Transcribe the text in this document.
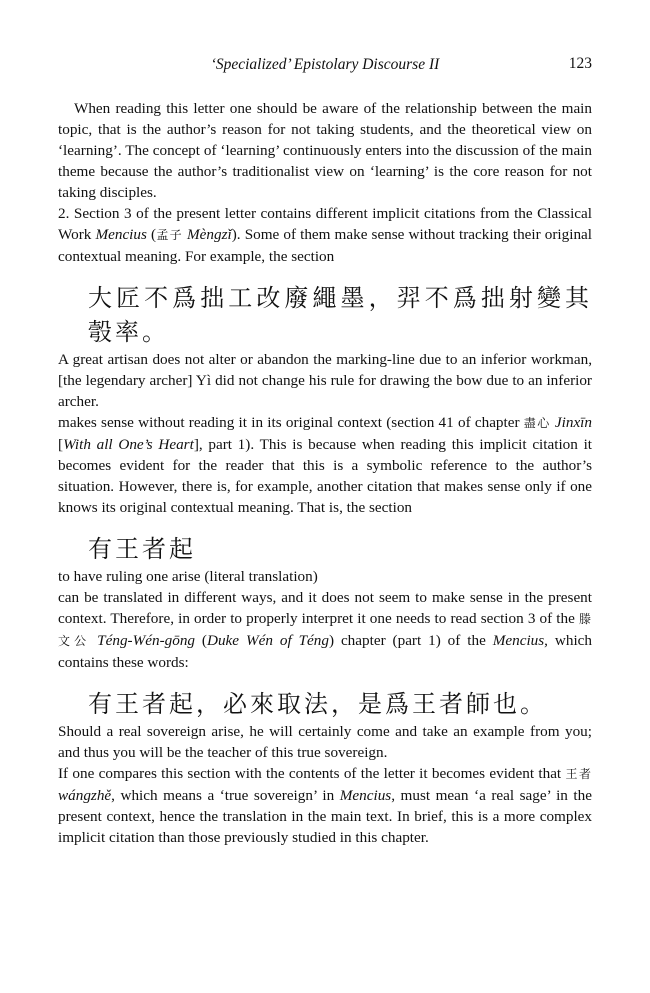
‘Specialized’ Epistolary Discourse II	123

When reading this letter one should be aware of the relationship between the main topic, that is the author’s reason for not taking students, and the theoretical view on ‘learning’. The concept of ‘learning’ continuously enters into the discussion of the main theme because the author’s traditionalist view on ‘learning’ is the core reason for not taking disciples.

2. Section 3 of the present letter contains different implicit citations from the Classical Work Mencius (孟子 Mèngzǐ). Some of them make sense without tracking their original contextual meaning. For example, the section

大匠不爲拙工改廢繩墨，羿不爲拙射變其彀率。

A great artisan does not alter or abandon the marking-line due to an inferior workman, [the legendary archer] Yì did not change his rule for drawing the bow due to an inferior archer.

makes sense without reading it in its original context (section 41 of chapter 盡心 Jinxīn [With all One’s Heart], part 1). This is because when reading this implicit citation it becomes evident for the reader that this is a symbolic reference to the author’s situation. However, there is, for example, another citation that makes sense only if one knows its original contextual meaning. That is, the section

有王者起

to have ruling one arise (literal translation)

can be translated in different ways, and it does not seem to make sense in the present context. Therefore, in order to properly interpret it one needs to read section 3 of the 滕文公 Téng-Wén-gōng (Duke Wén of Téng) chapter (part 1) of the Mencius, which contains these words:

有王者起，必來取法，是爲王者師也。

Should a real sovereign arise, he will certainly come and take an example from you; and thus you will be the teacher of this true sovereign.

If one compares this section with the contents of the letter it becomes evident that 王者 wángzhě, which means a ‘true sovereign’ in Mencius, must mean ‘a real sage’ in the present context, hence the translation in the main text. In brief, this is a more complex implicit citation than those previously studied in this chapter.
